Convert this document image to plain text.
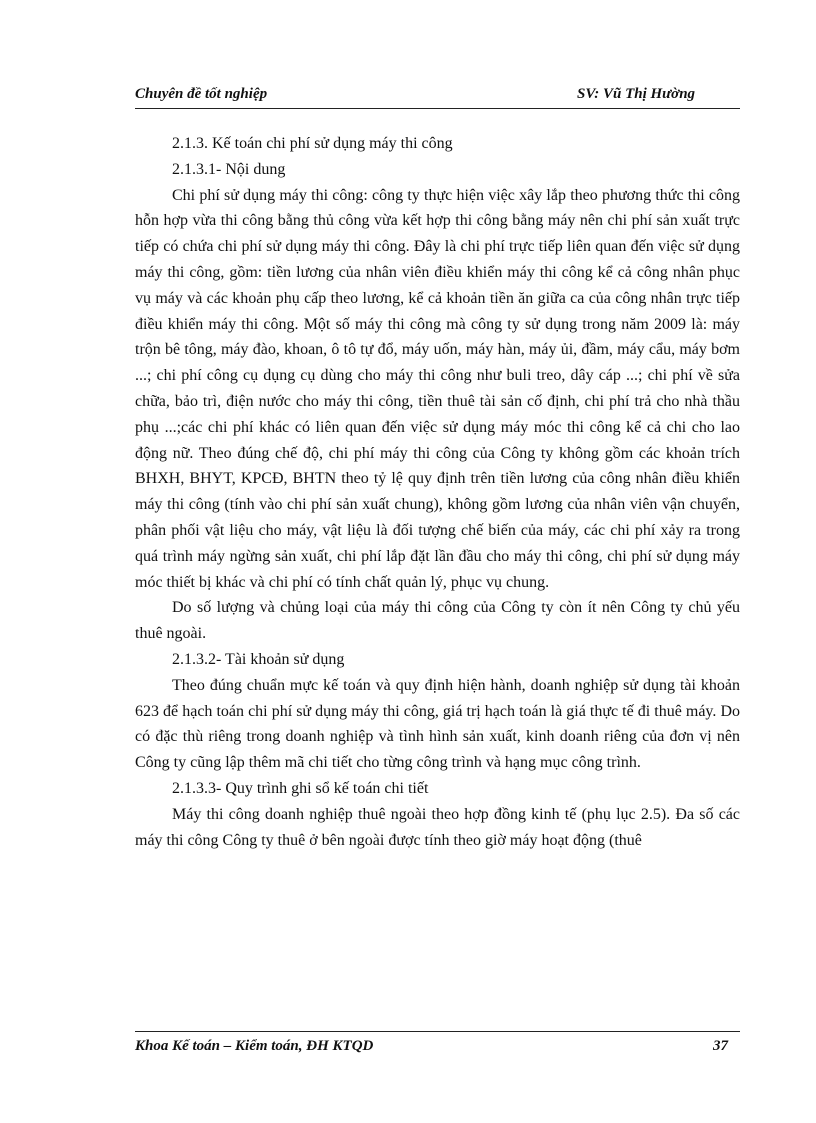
Chuyên đề tốt nghiệp	SV: Vũ Thị Hường

2.1.3. Kế toán chi phí sử dụng máy thi công

2.1.3.1- Nội dung

Chi phí sử dụng máy thi công: công ty thực hiện việc xây lắp theo phương thức thi công hỗn hợp vừa thi công bằng thủ công vừa kết hợp thi công bằng máy nên chi phí sản xuất trực tiếp có chứa chi phí sử dụng máy thi công. Đây là chi phí trực tiếp liên quan đến việc sử dụng máy thi công, gồm: tiền lương của nhân viên điều khiển máy thi công kể cả công nhân phục vụ máy và các khoản phụ cấp theo lương, kể cả khoản tiền ăn giữa ca của công nhân trực tiếp điều khiển máy thi công. Một số máy thi công mà công ty sử dụng trong năm 2009 là: máy trộn bê tông, máy đào, khoan, ô tô tự đổ, máy uốn, máy hàn, máy ủi, đầm, máy cẩu, máy bơm ...; chi phí công cụ dụng cụ dùng cho máy thi công như buli treo, dây cáp ...; chi phí về sửa chữa, bảo trì, điện nước cho máy thi công, tiền thuê tài sản cố định, chi phí trả cho nhà thầu phụ ...;các chi phí khác có liên quan đến việc sử dụng máy móc thi công kể cả chi cho lao động nữ. Theo đúng chế độ, chi phí máy thi công của Công ty không gồm các khoản trích BHXH, BHYT, KPCĐ, BHTN theo tỷ lệ quy định trên tiền lương của công nhân điều khiển máy thi công (tính vào chi phí sản xuất chung), không gồm lương của nhân viên vận chuyển, phân phối vật liệu cho máy, vật liệu là đối tượng chế biến của máy, các chi phí xảy ra trong quá trình máy ngừng sản xuất, chi phí lắp đặt lần đầu cho máy thi công, chi phí sử dụng máy móc thiết bị khác và chi phí có tính chất quản lý, phục vụ chung.

Do số lượng và chủng loại của máy thi công của Công ty còn ít nên Công ty chủ yếu thuê ngoài.

2.1.3.2- Tài khoản sử dụng

Theo đúng chuẩn mực kế toán và quy định hiện hành, doanh nghiệp sử dụng tài khoản 623 để hạch toán chi phí sử dụng máy thi công, giá trị hạch toán là giá thực tế đi thuê máy. Do có đặc thù riêng trong doanh nghiệp và tình hình sản xuất, kinh doanh riêng của đơn vị nên Công ty cũng lập thêm mã chi tiết cho từng công trình và hạng mục công trình.

2.1.3.3- Quy trình ghi sổ kế toán chi tiết

Máy thi công doanh nghiệp thuê ngoài theo hợp đồng kinh tế (phụ lục 2.5). Đa số các máy thi công Công ty thuê ở bên ngoài được tính theo giờ máy hoạt động (thuê

Khoa Kế toán – Kiểm toán, ĐH KTQD	37
